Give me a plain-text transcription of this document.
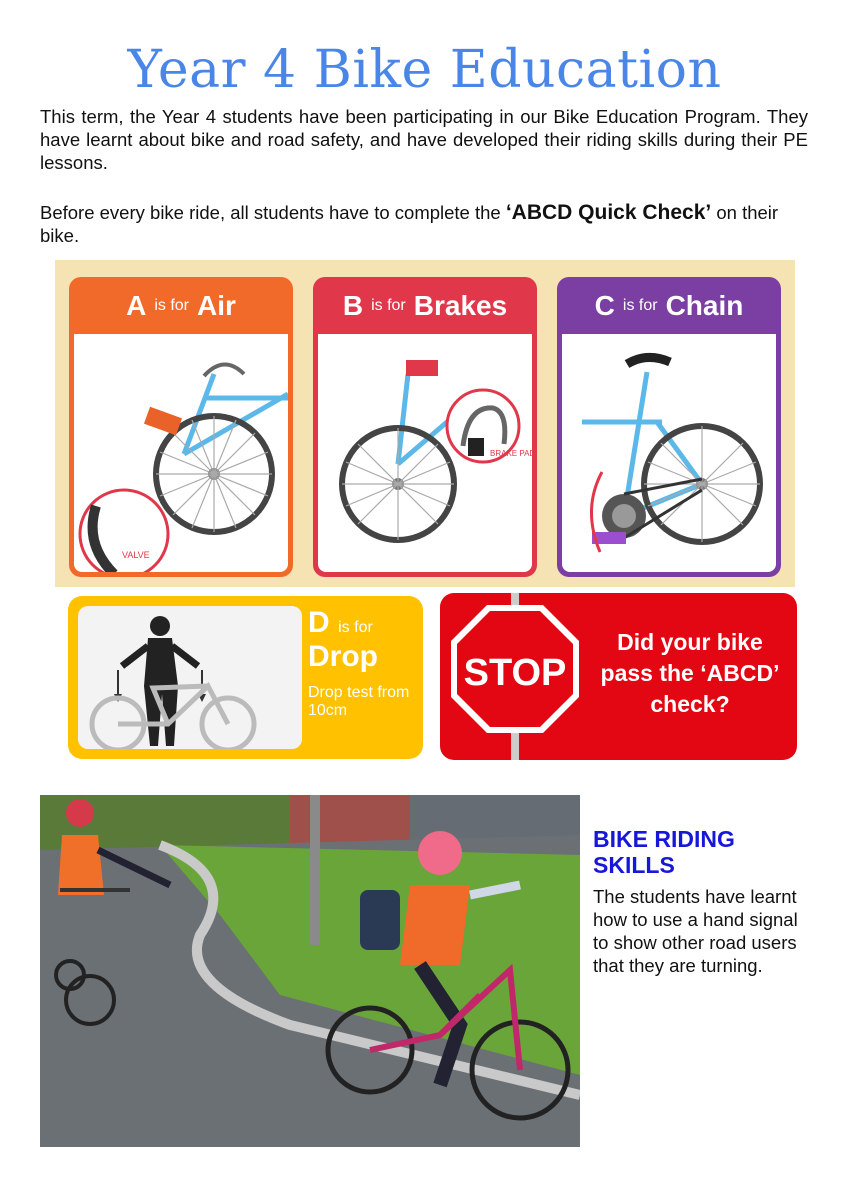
Year 4 Bike Education
This term, the Year 4 students have been participating in our Bike Education Program. They have learnt about bike and road safety, and have developed their riding skills during their PE lessons.
Before every bike ride, all students have to complete the ‘ABCD Quick Check’ on their bike.
A is for Air
VALVE
B is for Brakes
BRAKE PAD
C is for Chain
D is for Drop
Drop test from 10cm
STOP
Did your bike pass the ‘ABCD’ check?
BIKE RIDING SKILLS
The students have learnt how to use a hand signal to show other road users that they are turning.
